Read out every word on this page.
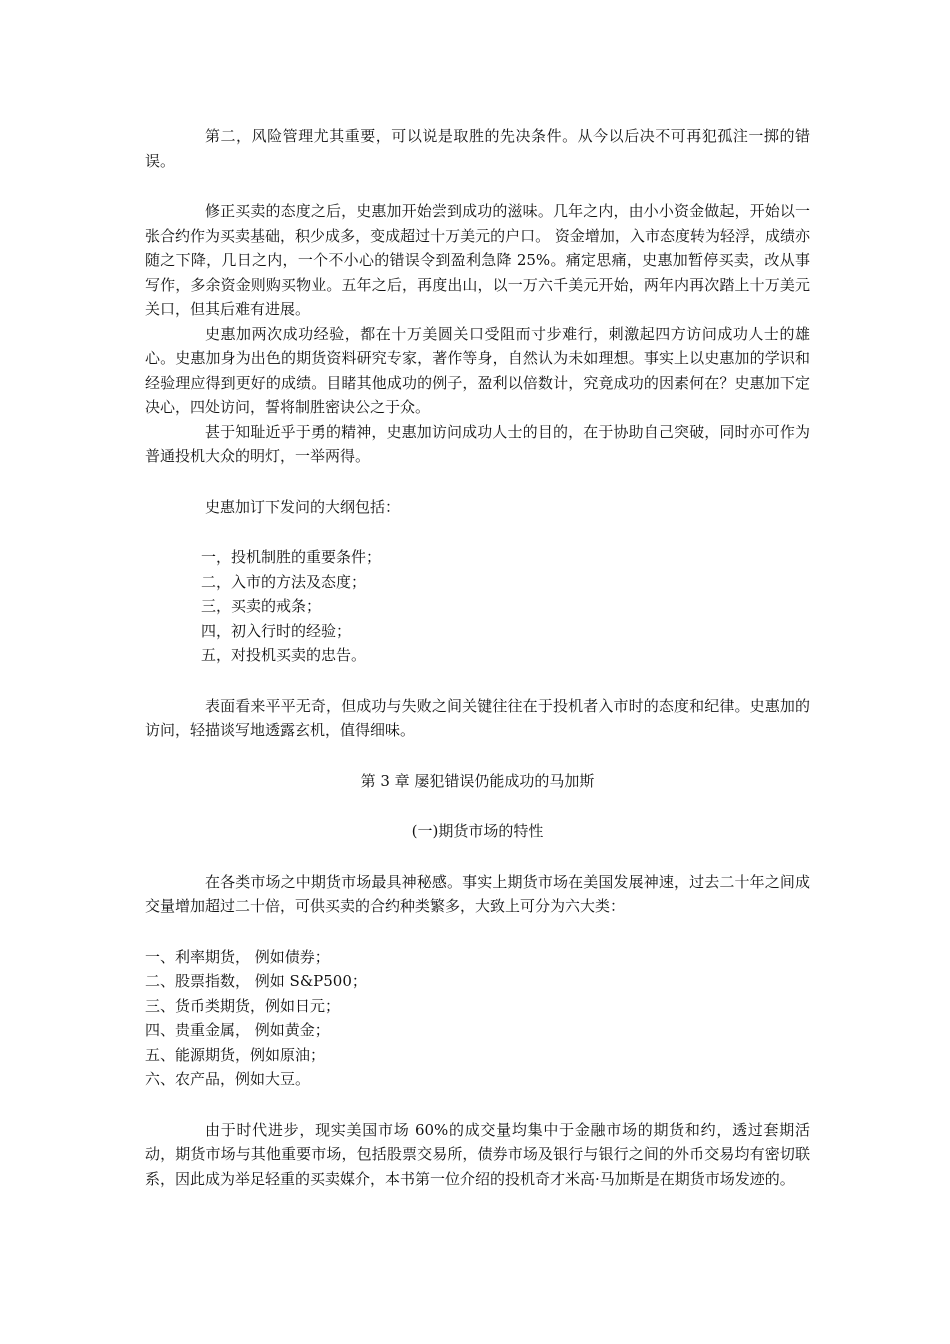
第二，风险管理尤其重要，可以说是取胜的先决条件。从今以后决不可再犯孤注一掷的错误。

修正买卖的态度之后，史惠加开始尝到成功的滋味。几年之内，由小小资金做起，开始以一张合约作为买卖基础，积少成多，变成超过十万美元的户口。 资金增加，入市态度转为轻浮，成绩亦随之下降，几日之内，一个不小心的错误令到盈利急降 25%。痛定思痛，史惠加暂停买卖，改从事写作，多余资金则购买物业。五年之后，再度出山，以一万六千美元开始，两年内再次踏上十万美元关口，但其后难有进展。

史惠加两次成功经验，都在十万美圆关口受阻而寸步难行，刺激起四方访问成功人士的雄心。史惠加身为出色的期货资料研究专家，著作等身，自然认为未如理想。事实上以史惠加的学识和经验理应得到更好的成绩。目睹其他成功的例子，盈利以倍数计，究竟成功的因素何在？史惠加下定决心，四处访问，誓将制胜密诀公之于众。

甚于知耻近乎于勇的精神，史惠加访问成功人士的目的，在于协助自己突破，同时亦可作为普通投机大众的明灯，一举两得。

史惠加订下发问的大纲包括：

一，投机制胜的重要条件；
二，入市的方法及态度；
三，买卖的戒条；
四，初入行时的经验；
五，对投机买卖的忠告。

表面看来平平无奇，但成功与失败之间关键往往在于投机者入市时的态度和纪律。史惠加的访问，轻描谈写地透露玄机，值得细味。

第 3 章 屡犯错误仍能成功的马加斯

(一)期货市场的特性

在各类市场之中期货市场最具神秘感。事实上期货市场在美国发展神速，过去二十年之间成交量增加超过二十倍，可供买卖的合约种类繁多，大致上可分为六大类：

一、利率期货， 例如债券；
二、股票指数， 例如 S&P500；
三、货币类期货，例如日元；
四、贵重金属， 例如黄金；
五、能源期货，例如原油；
六、农产品，例如大豆。

由于时代进步，现实美国市场 60%的成交量均集中于金融市场的期货和约，透过套期活动，期货市场与其他重要市场，包括股票交易所，债券市场及银行与银行之间的外币交易均有密切联系，因此成为举足轻重的买卖媒介，本书第一位介绍的投机奇才米高·马加斯是在期货市场发迹的。
